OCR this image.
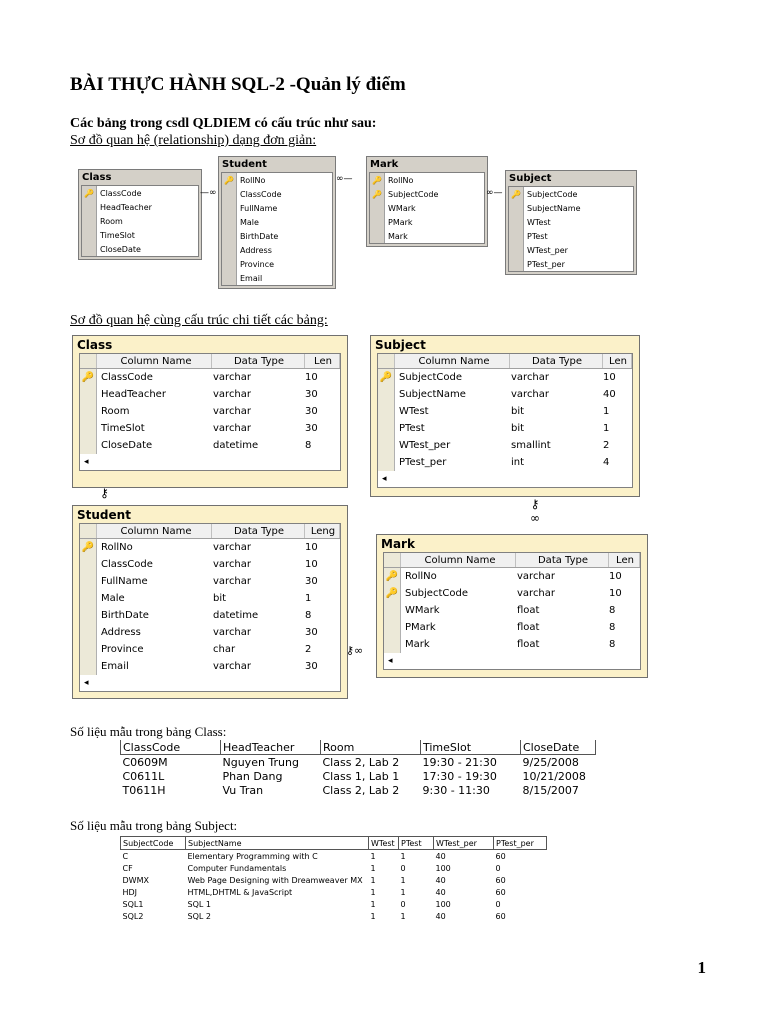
BÀI THỰC HÀNH SQL-2 -Quản lý điểm
Các bảng trong csdl QLDIEM có cấu trúc như sau:
Sơ đồ quan hệ (relationship) dạng đơn giản:
Class
🔑 ClassCode
HeadTeacher
Room
TimeSlot
CloseDate
Student
🔑 RollNo
ClassCode
FullName
Male
BirthDate
Address
Province
Email
Mark
🔑 RollNo
🔑 SubjectCode
WMark
PMark
Mark
Subject
🔑 SubjectCode
SubjectName
WTest
PTest
WTest_per
PTest_per
—∞
∞—
∞—
Sơ đồ quan hệ cùng cấu trúc chi tiết các bảng:
Class
Column Name	Data Type	Len
🔑 ClassCode	varchar	10
HeadTeacher	varchar	30
Room	varchar	30
TimeSlot	varchar	30
CloseDate	datetime	8
◂
Subject
Column Name	Data Type	Len
🔑 SubjectCode	varchar	10
SubjectName	varchar	40
WTest	bit	1
PTest	bit	1
WTest_per	smallint	2
PTest_per	int	4
◂
Student
Column Name	Data Type	Leng
🔑 RollNo	varchar	10
ClassCode	varchar	10
FullName	varchar	30
Male	bit	1
BirthDate	datetime	8
Address	varchar	30
Province	char	2
Email	varchar	30
◂
Mark
Column Name	Data Type	Len
🔑 RollNo	varchar	10
🔑 SubjectCode	varchar	10
WMark	float	8
PMark	float	8
Mark	float	8
◂
⚷
⚷∞
⚷∞
Số liệu mẫu trong bảng Class:
ClassCode	HeadTeacher	Room	TimeSlot	CloseDate
C0609M	Nguyen Trung	Class 2, Lab 2	19:30 - 21:30	9/25/2008
C0611L	Phan Dang	Class 1, Lab 1	17:30 - 19:30	10/21/2008
T0611H	Vu Tran	Class 2, Lab 2	9:30 - 11:30	8/15/2007
Số liệu mẫu trong bảng Subject:
SubjectCode	SubjectName	WTest	PTest	WTest_per	PTest_per
C	Elementary Programming with C	1	1	40	60
CF	Computer Fundamentals	1	0	100	0
DWMX	Web Page Designing with Dreamweaver MX	1	1	40	60
HDJ	HTML,DHTML & JavaScript	1	1	40	60
SQL1	SQL 1	1	0	100	0
SQL2	SQL 2	1	1	40	60
1
